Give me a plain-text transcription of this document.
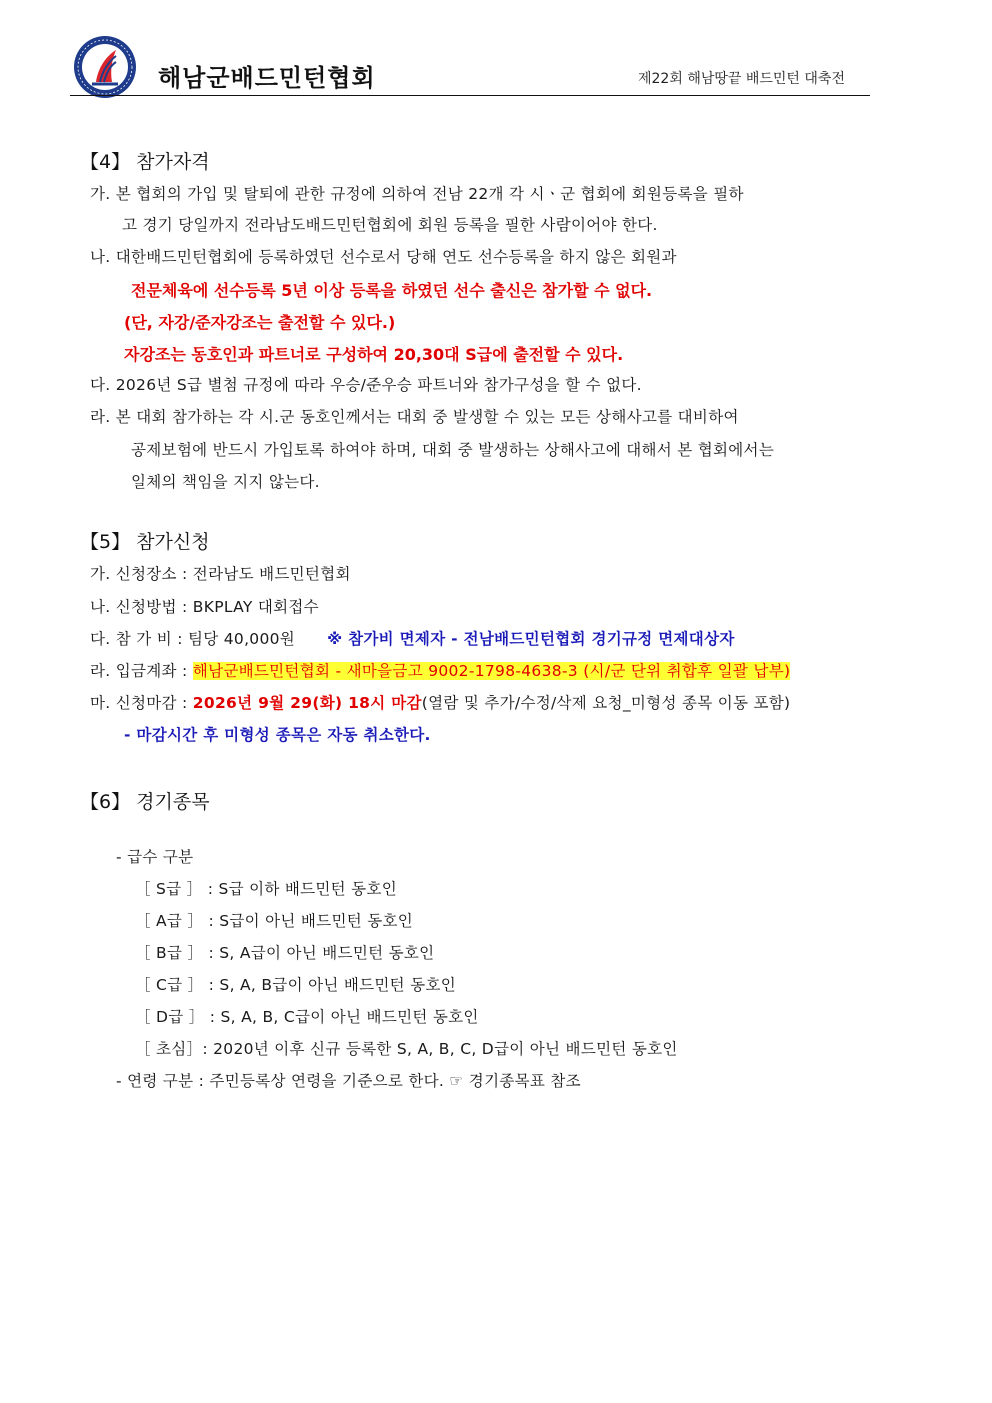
해남군배드민턴협회	제22회 해남땅끝 배드민턴 대축전
【4】 참가자격
가. 본 협회의 가입 및 탈퇴에 관한 규정에 의하여 전남 22개 각 시ㆍ군 협회에 회원등록을 필하
고 경기 당일까지 전라남도배드민턴협회에 회원 등록을 필한 사람이어야 한다.
나. 대한배드민턴협회에 등록하였던 선수로서 당해 연도 선수등록을 하지 않은 회원과
전문체육에 선수등록 5년 이상 등록을 하였던 선수 출신은 참가할 수 없다.
(단, 자강/준자강조는 출전할 수 있다.)
자강조는 동호인과 파트너로 구성하여 20,30대 S급에 출전할 수 있다.
다. 2026년 S급 별첨 규정에 따라 우승/준우승 파트너와 참가구성을 할 수 없다.
라. 본 대회 참가하는 각 시.군 동호인께서는 대회 중 발생할 수 있는 모든 상해사고를 대비하여
공제보험에 반드시 가입토록 하여야 하며, 대회 중 발생하는 상해사고에 대해서 본 협회에서는
일체의 책임을 지지 않는다.
【5】 참가신청
가. 신청장소 : 전라남도 배드민턴협회
나. 신청방법 : BKPLAY 대회접수
다. 참 가 비 : 팀당 40,000원 ※ 참가비 면제자 - 전남배드민턴협회 경기규정 면제대상자
라. 입금계좌 : 해남군배드민턴협회 - 새마을금고 9002-1798-4638-3 (시/군 단위 취합후 일괄 납부)
마. 신청마감 : 2026년 9월 29(화) 18시 마감(열람 및 추가/수정/삭제 요청_미형성 종목 이동 포함)
- 마감시간 후 미형성 종목은 자동 취소한다.
【6】 경기종목
- 급수 구분
［ S급 ］ : S급 이하 배드민턴 동호인
［ A급 ］ : S급이 아닌 배드민턴 동호인
［ B급 ］ : S, A급이 아닌 배드민턴 동호인
［ C급 ］ : S, A, B급이 아닌 배드민턴 동호인
［ D급 ］ : S, A, B, C급이 아닌 배드민턴 동호인
［ 초심］: 2020년 이후 신규 등록한 S, A, B, C, D급이 아닌 배드민턴 동호인
- 연령 구분 : 주민등록상 연령을 기준으로 한다. ☞ 경기종목표 참조
